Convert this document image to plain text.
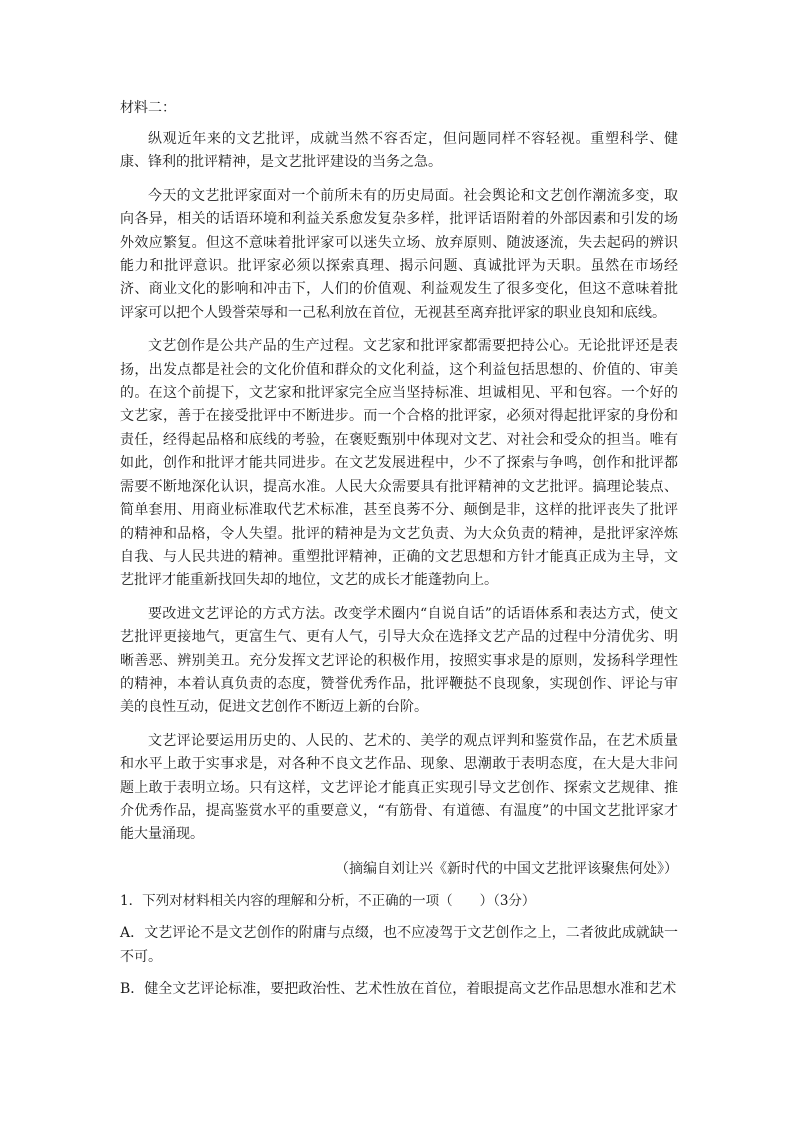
材料二：

纵观近年来的文艺批评，成就当然不容否定，但问题同样不容轻视。重塑科学、健康、锋利的批评精神，是文艺批评建设的当务之急。

今天的文艺批评家面对一个前所未有的历史局面。社会舆论和文艺创作潮流多变，取向各异，相关的话语环境和利益关系愈发复杂多样，批评话语附着的外部因素和引发的场外效应繁复。但这不意味着批评家可以迷失立场、放弃原则、随波逐流，失去起码的辨识能力和批评意识。批评家必须以探索真理、揭示问题、真诚批评为天职。虽然在市场经济、商业文化的影响和冲击下，人们的价值观、利益观发生了很多变化，但这不意味着批评家可以把个人毁誉荣辱和一己私利放在首位，无视甚至离弃批评家的职业良知和底线。

文艺创作是公共产品的生产过程。文艺家和批评家都需要把持公心。无论批评还是表扬，出发点都是社会的文化价值和群众的文化利益，这个利益包括思想的、价值的、审美的。在这个前提下，文艺家和批评家完全应当坚持标准、坦诚相见、平和包容。一个好的文艺家，善于在接受批评中不断进步。而一个合格的批评家，必须对得起批评家的身份和责任，经得起品格和底线的考验，在褒贬甄别中体现对文艺、对社会和受众的担当。唯有如此，创作和批评才能共同进步。在文艺发展进程中，少不了探索与争鸣，创作和批评都需要不断地深化认识，提高水准。人民大众需要具有批评精神的文艺批评。搞理论装点、简单套用、用商业标准取代艺术标准，甚至良莠不分、颠倒是非，这样的批评丧失了批评的精神和品格，令人失望。批评的精神是为文艺负责、为大众负责的精神，是批评家淬炼自我、与人民共进的精神。重塑批评精神，正确的文艺思想和方针才能真正成为主导，文艺批评才能重新找回失却的地位，文艺的成长才能蓬勃向上。

要改进文艺评论的方式方法。改变学术圈内“自说自话”的话语体系和表达方式，使文艺批评更接地气，更富生气、更有人气，引导大众在选择文艺产品的过程中分清优劣、明晰善恶、辨别美丑。充分发挥文艺评论的积极作用，按照实事求是的原则，发扬科学理性的精神，本着认真负责的态度，赞誉优秀作品，批评鞭挞不良现象，实现创作、评论与审美的良性互动，促进文艺创作不断迈上新的台阶。

文艺评论要运用历史的、人民的、艺术的、美学的观点评判和鉴赏作品，在艺术质量和水平上敢于实事求是，对各种不良文艺作品、现象、思潮敢于表明态度，在大是大非问题上敢于表明立场。只有这样，文艺评论才能真正实现引导文艺创作、探索文艺规律、推介优秀作品，提高鉴赏水平的重要意义，“有筋骨、有道德、有温度”的中国文艺批评家才能大量涌现。

（摘编自刘让兴《新时代的中国文艺批评该聚焦何处》）
1．下列对材料相关内容的理解和分析，不正确的一项（　　）（3分）
A．文艺评论不是文艺创作的附庸与点缀，也不应凌驾于文艺创作之上，二者彼此成就缺一不可。
B．健全文艺评论标准，要把政治性、艺术性放在首位，着眼提高文艺作品思想水准和艺术
